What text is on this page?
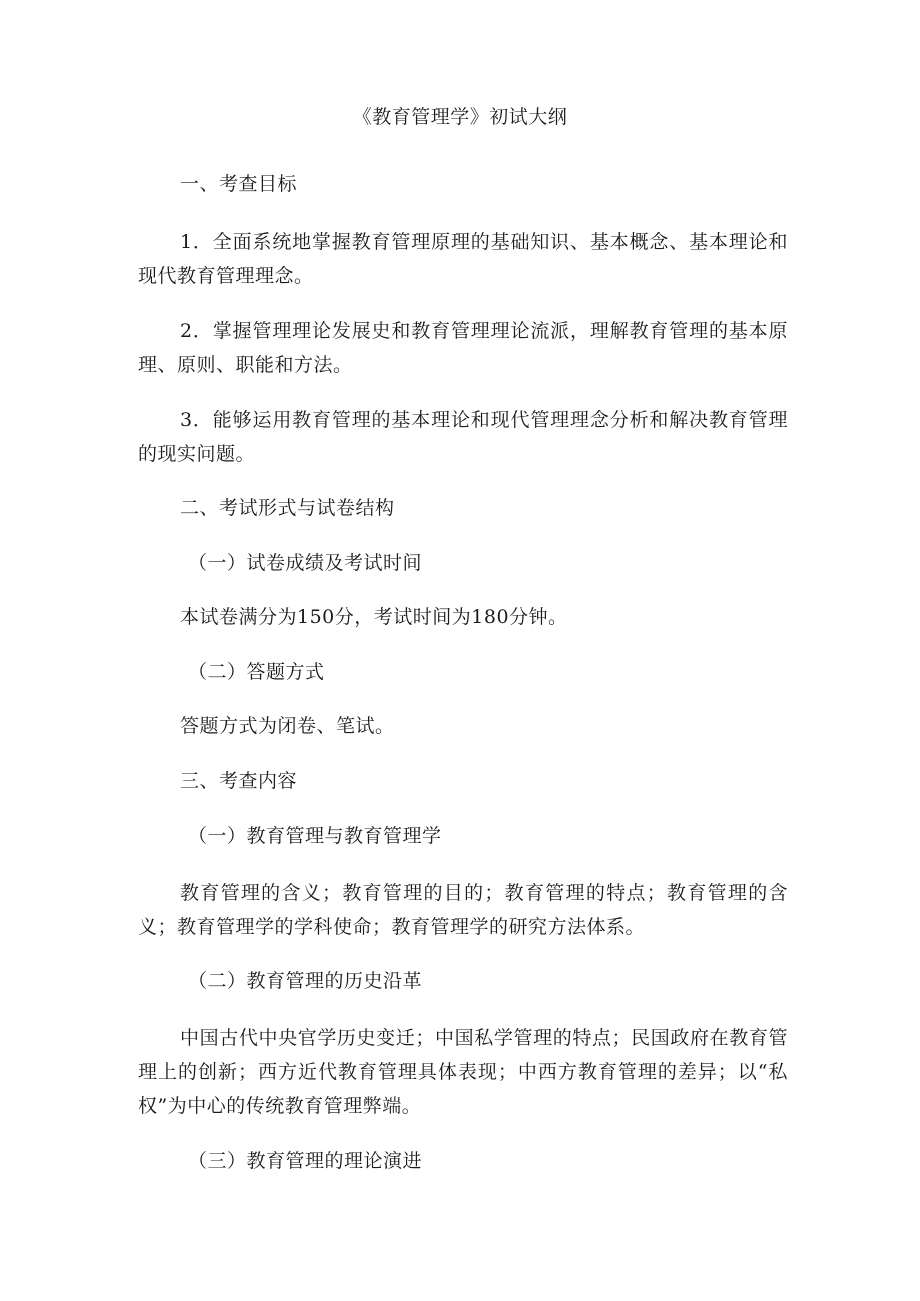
《教育管理学》初试大纲
一、考查目标

1．全面系统地掌握教育管理原理的基础知识、基本概念、基本理论和现代教育管理理念。

2．掌握管理理论发展史和教育管理理论流派，理解教育管理的基本原理、原则、职能和方法。

3．能够运用教育管理的基本理论和现代管理理念分析和解决教育管理的现实问题。

二、考试形式与试卷结构
（一）试卷成绩及考试时间
本试卷满分为150分，考试时间为180分钟。
（二）答题方式
答题方式为闭卷、笔试。
三、考查内容
（一）教育管理与教育管理学

教育管理的含义；教育管理的目的；教育管理的特点；教育管理的含义；教育管理学的学科使命；教育管理学的研究方法体系。

（二）教育管理的历史沿革

中国古代中央官学历史变迁；中国私学管理的特点；民国政府在教育管理上的创新；西方近代教育管理具体表现；中西方教育管理的差异；以“私权”为中心的传统教育管理弊端。

（三）教育管理的理论演进
